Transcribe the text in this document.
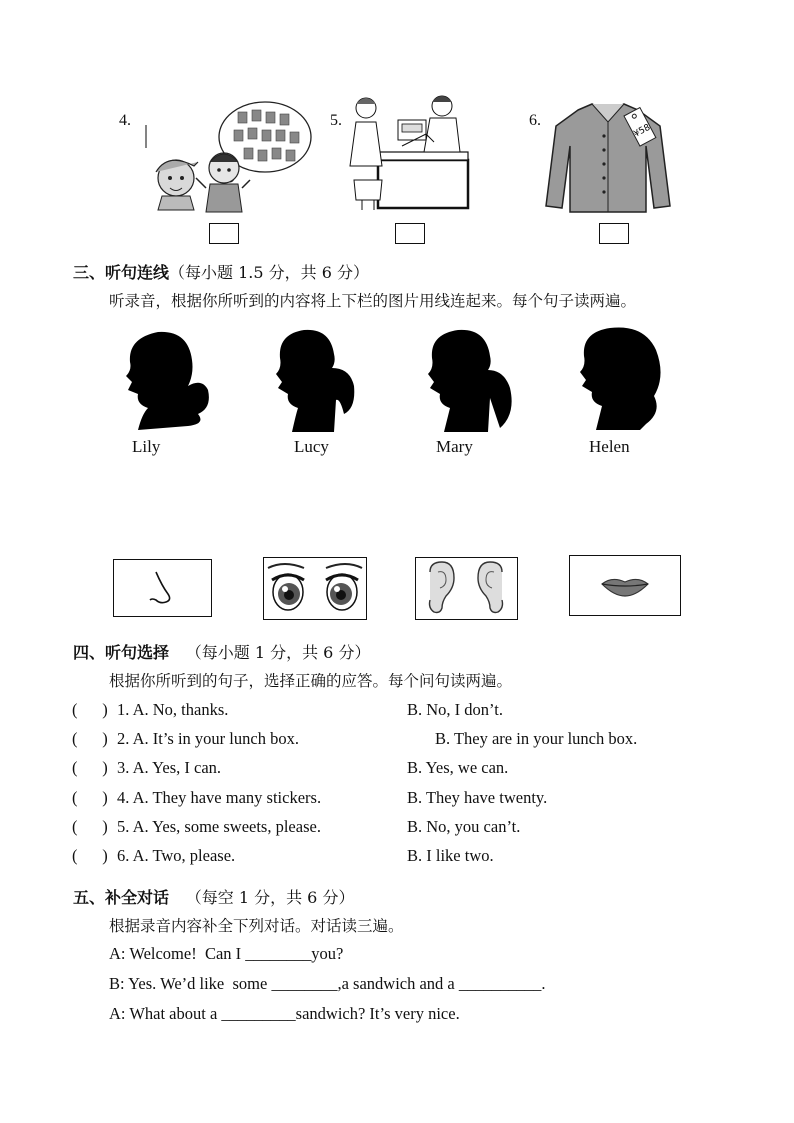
4.	5.	6.
¥58
三、听句连线（每小题 1.5 分，共 6 分）
听录音，根据你所听到的内容将上下栏的图片用线连起来。每个句子读两遍。
Lily	Lucy	Mary	Helen
四、听句选择 （每小题 1 分，共 6 分）
根据你所听到的句子，选择正确的应答。每个问句读两遍。
(      ) 1. A. No, thanks.	B. No, I don’t.
(      ) 2. A. It’s in your lunch box.	B. They are in your lunch box.
(      ) 3. A. Yes, I can.	B. Yes, we can.
(      ) 4. A. They have many stickers.	B. They have twenty.
(      ) 5. A. Yes, some sweets, please.	B. No, you can’t.
(      ) 6. A. Two, please.	B. I like two.
五、补全对话 （每空 1 分，共 6 分）
根据录音内容补全下列对话。对话读三遍。
A: Welcome!  Can I ________you?
B: Yes. We’d like  some ________,a sandwich and a __________.
A: What about a _________sandwich? It’s very nice.
